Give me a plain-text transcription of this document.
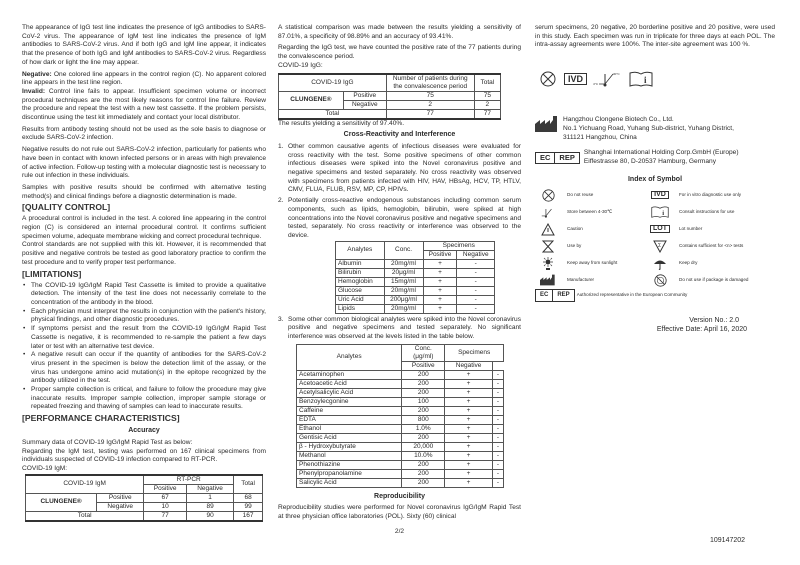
The appearance of IgG test line indicates the presence of IgG antibodies to SARS-CoV-2 virus. The appearance of IgM test line indicates the presence of IgM antibodies to SARS-CoV-2 virus. And if both IgG and IgM line appear, it indicates that the presence of both IgG and IgM antibodies to SARS-CoV-2 virus. Regardless of how dark or light the line may appear.

Negative: One colored line appears in the control region (C). No apparent colored line appears in the test line region.

Invalid: Control line fails to appear. Insufficient specimen volume or incorrect procedural techniques are the most likely reasons for control line failure. Review the procedure and repeat the test with a new test cassette. If the problem persists, discontinue using the test kit immediately and contact your local distributor.

Results from antibody testing should not be used as the sole basis to diagnose or exclude SARS-CoV-2 infection.

Negative results do not rule out SARS-CoV-2 infection, particularly for patients who have been in contact with known infected persons or in areas with high prevalence of active infection. Follow-up testing with a molecular diagnostic test is necessary to rule out infection in these individuals.

Samples with positive results should be confirmed with alternative testing method(s) and clinical findings before a diagnostic determination is made.

[QUALITY CONTROL]

A procedural control is included in the test. A colored line appearing in the control region (C) is considered an internal procedural control. It confirms sufficient specimen volume, adequate membrane wicking and correct procedural technique.

Control standards are not supplied with this kit. However, it is recommended that positive and negative controls be tested as good laboratory practice to confirm the test procedure and to verify proper test performance.

[LIMITATIONS]
• The COVID-19 IgG/IgM Rapid Test Cassette is limited to provide a qualitative detection. The intensity of the test line does not necessarily correlate to the concentration of the antibody in the blood.
• Each physician must interpret the results in conjunction with the patient's history, physical findings, and other diagnostic procedures.
• If symptoms persist and the result from the COVID-19 IgG/IgM Rapid Test Cassette is negative, it is recommended to re-sample the patient a few days later or test with an alternative test device.
• A negative result can occur if the quantity of antibodies for the SARS-CoV-2 virus present in the specimen is below the detection limit of the assay, or the virus has undergone amino acid mutation(s) in the epitope recognized by the antibody utilized in the test.
• Proper sample collection is critical, and failure to follow the procedure may give inaccurate results. Improper sample collection, improper sample storage or repeated freezing and thawing of samples can lead to inaccurate results.
[PERFORMANCE CHARACTERISTICS]
Accuracy

Summary data of COVID-19 IgG/IgM Rapid Test as below:

Regarding the IgM test, testing was performed on 167 clinical specimens from individuals suspected of COVID-19 infection compared to RT-PCR.

COVID-19 IgM:
COVID-19 IgM		RT-PCR		Total
		Positive	Negative	
CLUNGENE®	Positive	67	1	68
	Negative	10	89	99
Total		77	90	167

A statistical comparison was made between the results yielding a sensitivity of 87.01%, a specificity of 98.89% and an accuracy of 93.41%.

Regarding the IgG test, we have counted the positive rate of the 77 patients during the convalescence period.

COVID-19 IgG:
COVID-19 IgG		Number of patients during the convalescence period	Total
CLUNGENE®	Positive	75	75
	Negative	2	2
Total		77	77

The results yielding a sensitivity of 97.40%.

Cross-Reactivity and Interference
1. Other common causative agents of infectious diseases were evaluated for cross reactivity with the test. Some positive specimens of other common infectious diseases were spiked into the Novel coronavirus positive and negative specimens and tested separately. No cross reactivity was observed with specimens from patients infected with HIV, HAV, HBsAg, HCV, TP, HTLV, CMV, FLUA, FLUB, RSV, MP, CP, HPIVs.
2. Potentially cross-reactive endogenous substances including common serum components, such as lipids, hemoglobin, bilirubin, were spiked at high concentrations into the Novel coronavirus positive and negative specimens and tested, separately. No cross reactivity or interference was observed to the device.
Analytes	Conc.	Specimens	
		Positive	Negative
Albumin	20mg/ml	+	-
Bilirubin	20μg/ml	+	-
Hemoglobin	15mg/ml	+	-
Glucose	20mg/ml	+	-
Uric Acid	200μg/ml	+	-
Lipids	20mg/ml	+	-
3. Some other common biological analytes were spiked into the Novel coronavirus positive and negative specimens and tested separately. No significant interference was observed at the levels listed in the table below.
Analytes	Conc.
(μg/ml)	Specimens	
	Positive	Negative	
Acetaminophen	200	+	-
Acetoacetic Acid	200	+	-
Acetylsalicylic Acid	200	+	-
Benzoylecgonine	100	+	-
Caffeine	200	+	-
EDTA	800	+	-
Ethanol	1.0%	+	-
Gentisic Acid	200	+	-
β - Hydroxybutyrate	20,000	+	-
Methanol	10.0%	+	-
Phenothiazine	200	+	-
Phenylpropanolamine	200	+	-
Salicylic Acid	200	+	-
Reproducibility

Reproducibility studies were performed for Novel coronavirus IgG/IgM Rapid Test at three physician office laboratories (POL). Sixty (60) clinical

2/2

serum specimens, 20 negative, 20 borderline positive and 20 positive, were used in this study. Each specimen was run in triplicate for three days at each POL. The intra-assay agreements were 100%. The inter-site agreement was 100 %.

IVD
4°C
30°C
i
Hangzhou Clongene Biotech Co., Ltd.
No.1 Yichuang Road, Yuhang Sub-district, Yuhang District,
311121 Hangzhou, China
EC	REP	Shanghai International Holding Corp.GmbH (Europe)
Eiffestrasse 80, D-20537 Hamburg, Germany
Index of Symbol
Do not reuse	IVD	For in vitro diagnostic use only
Store between 4-30℃	i	Consult instructions for use
Caution	LOT	Lot number
Use by	Σ	Contains sufficient for <n> tests
Keep away from sunlight	Keep dry
Manufacturer	Do not use if package is damaged
EC	REP	Authorized representative in the European Community
Version No.: 2.0
Effective Date: April 16, 2020
109147202
